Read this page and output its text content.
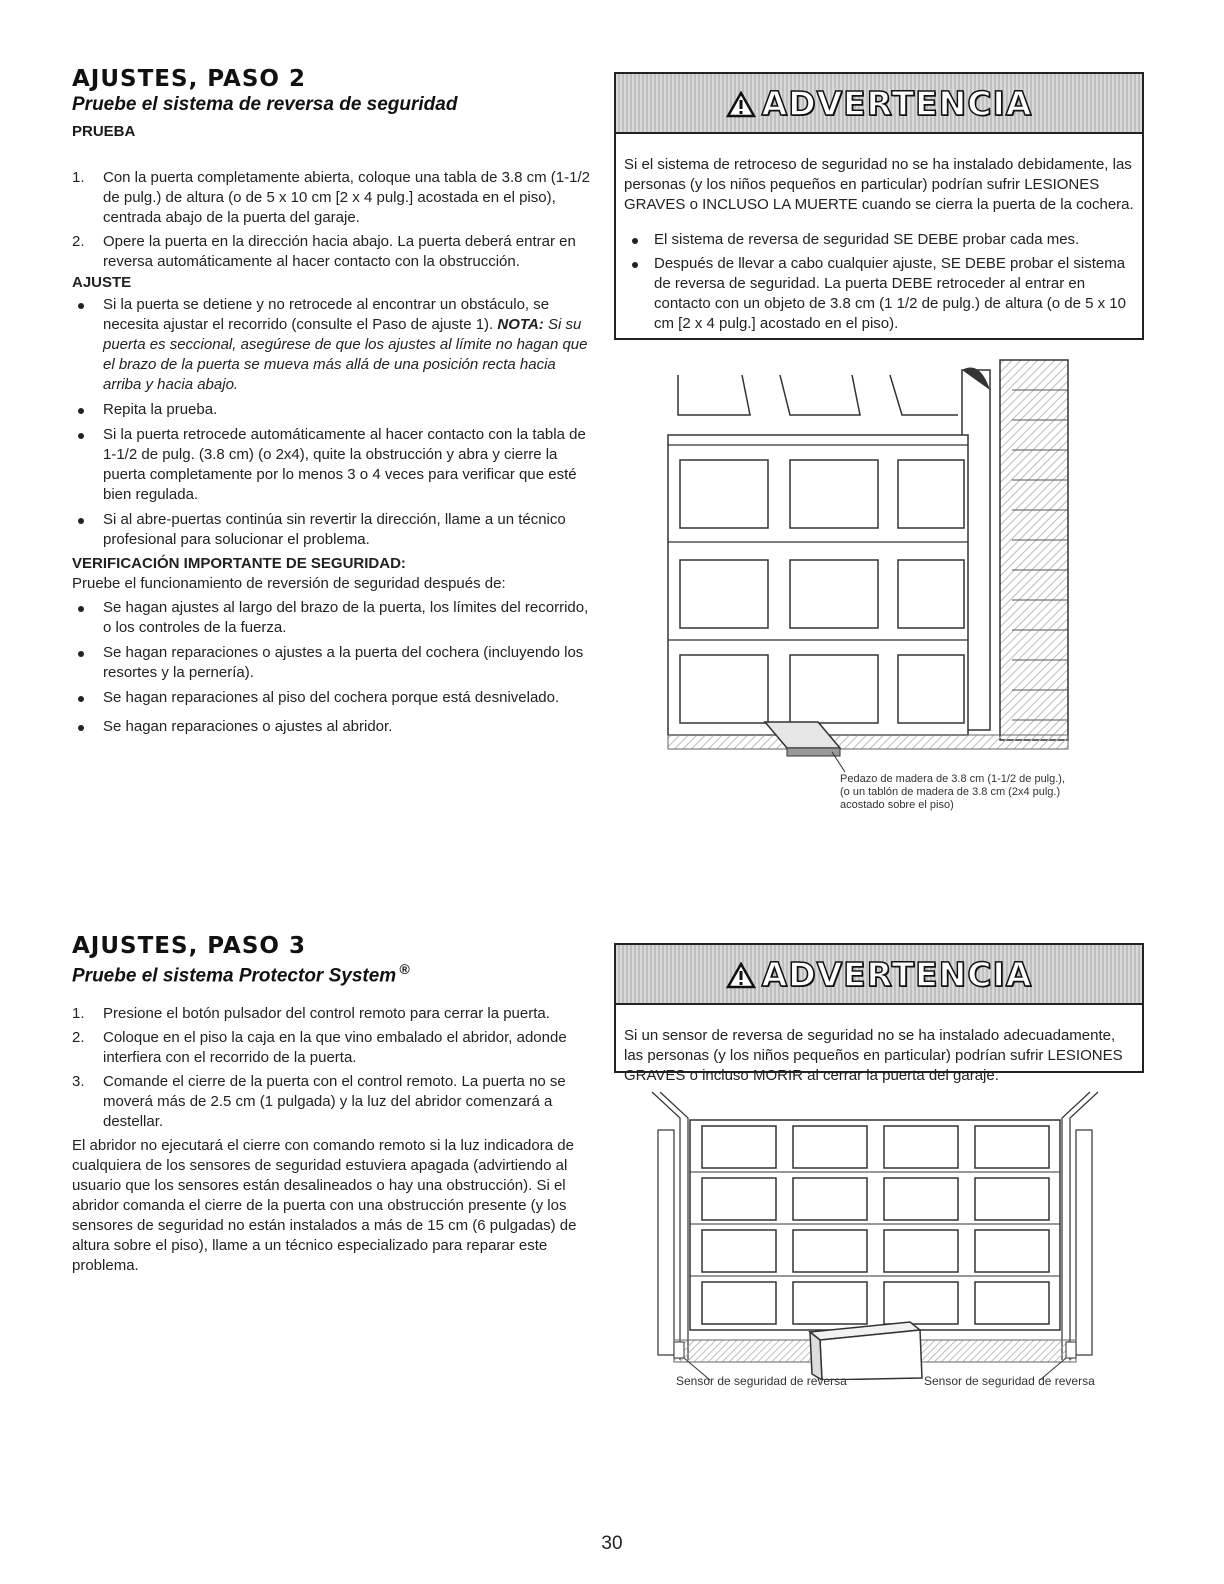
AJUSTES, PASO 2
Pruebe el sistema de reversa de seguridad
PRUEBA
1. Con la puerta completamente abierta, coloque una tabla de 3.8 cm (1-1/2 de pulg.) de altura (o de 5 x 10 cm [2 x 4 pulg.] acostada en el piso), centrada abajo de la puerta del garaje.
2. Opere la puerta en la dirección hacia abajo. La puerta deberá entrar en reversa automáticamente al hacer contacto con la obstrucción.
AJUSTE
Si la puerta se detiene y no retrocede al encontrar un obstáculo, se necesita ajustar el recorrido (consulte el Paso de ajuste 1). NOTA: Si su puerta es seccional, asegúrese de que los ajustes al límite no hagan que el brazo de la puerta se mueva más allá de una posición recta hacia arriba y hacia abajo.
Repita la prueba.
Si la puerta retrocede automáticamente al hacer contacto con la tabla de 1-1/2 de pulg. (3.8 cm) (o 2x4), quite la obstrucción y abra y cierre la puerta completamente por lo menos 3 o 4 veces para verificar que esté bien regulada.
Si al abre-puertas continúa sin revertir la dirección, llame a un técnico profesional para solucionar el problema.
VERIFICACIÓN IMPORTANTE DE SEGURIDAD:

Pruebe el funcionamiento de reversión de seguridad después de:

Se hagan ajustes al largo del brazo de la puerta, los límites del recorrido, o los controles de la fuerza.
Se hagan reparaciones o ajustes a la puerta del cochera (incluyendo los resortes y la pernería).
Se hagan reparaciones al piso del cochera porque está desnivelado.
Se hagan reparaciones o ajustes al abridor.
ADVERTENCIA

Si el sistema de retroceso de seguridad no se ha instalado debidamente, las personas (y los niños pequeños en particular) podrían sufrir LESIONES GRAVES o INCLUSO LA MUERTE cuando se cierra la puerta de la cochera.

El sistema de reversa de seguridad SE DEBE probar cada mes.
Después de llevar a cabo cualquier ajuste, SE DEBE probar el sistema de reversa de seguridad. La puerta DEBE retroceder al entrar en contacto con un objeto de 3.8 cm (1 1/2 de pulg.) de altura (o de 5 x 10 cm [2 x 4 pulg.] acostado en el piso).
Pedazo de madera de 3.8 cm (1-1/2 de pulg.),
(o un tablón de madera de 3.8 cm (2x4 pulg.)
acostado sobre el piso)
AJUSTES, PASO 3
Pruebe el sistema Protector System ®
1. Presione el botón pulsador del control remoto para cerrar la puerta.
2. Coloque en el piso la caja en la que vino embalado el abridor, adonde interfiera con el recorrido de la puerta.
3. Comande el cierre de la puerta con el control remoto. La puerta no se moverá más de 2.5 cm (1 pulgada) y la luz del abridor comenzará a destellar.

El abridor no ejecutará el cierre con comando remoto si la luz indicadora de cualquiera de los sensores de seguridad estuviera apagada (advirtiendo al usuario que los sensores están desalineados o hay una obstrucción). Si el abridor comanda el cierre de la puerta con una obstrucción presente (y los sensores de seguridad no están instalados a más de 15 cm (6 pulgadas) de altura sobre el piso), llame a un técnico especializado para reparar este problema.

ADVERTENCIA

Si un sensor de reversa de seguridad no se ha instalado adecuadamente, las personas (y los niños pequeños en particular) podrían sufrir LESIONES GRAVES o incluso MORIR al cerrar la puerta del garaje.

Sensor de seguridad de reversa	Sensor de seguridad de reversa
30
